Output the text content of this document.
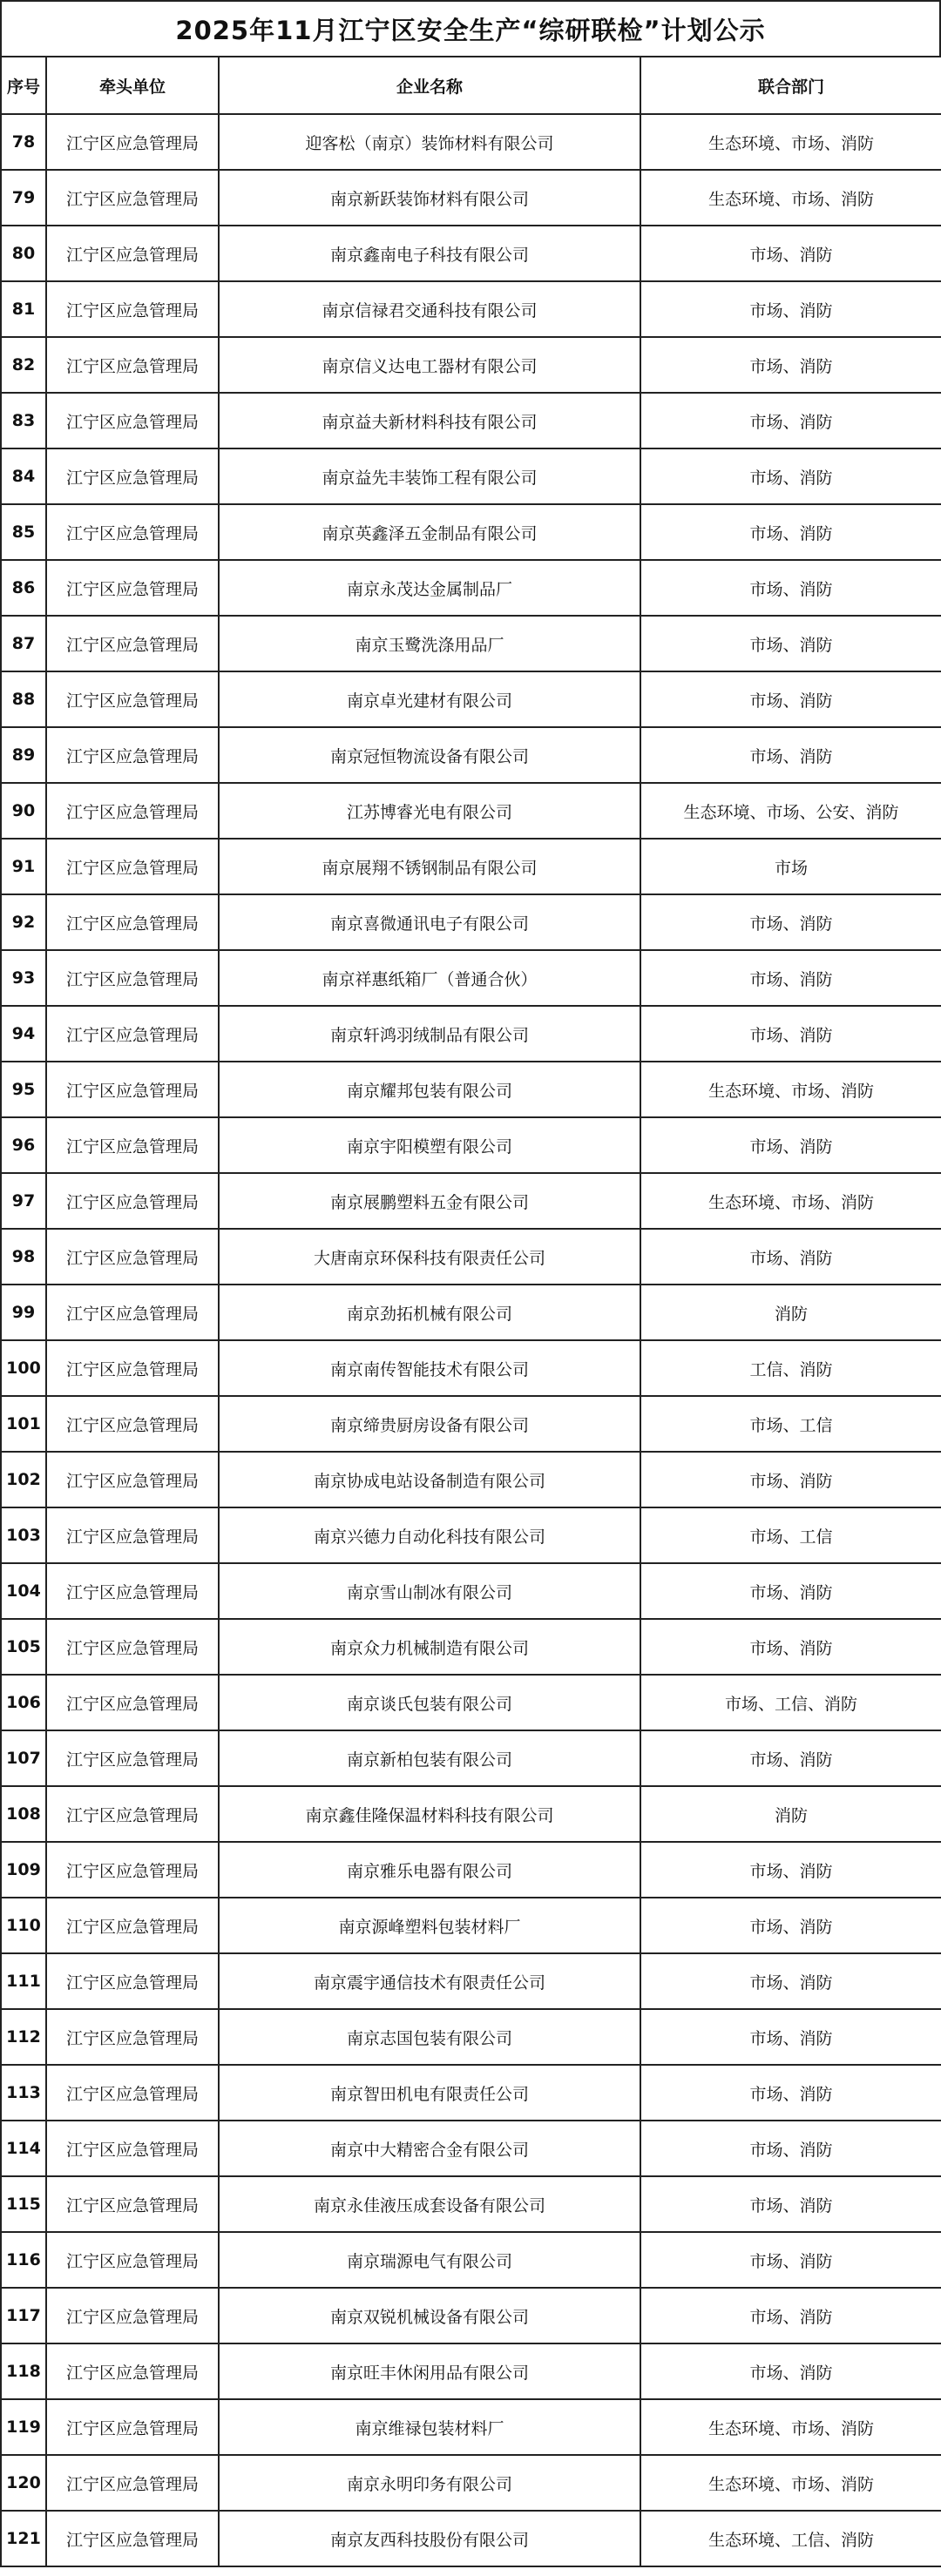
2025年11月江宁区安全生产“综研联检”计划公示
序号	牵头单位	企业名称	联合部门
78	江宁区应急管理局	迎客松（南京）装饰材料有限公司	生态环境、市场、消防
79	江宁区应急管理局	南京新跃装饰材料有限公司	生态环境、市场、消防
80	江宁区应急管理局	南京鑫南电子科技有限公司	市场、消防
81	江宁区应急管理局	南京信禄君交通科技有限公司	市场、消防
82	江宁区应急管理局	南京信义达电工器材有限公司	市场、消防
83	江宁区应急管理局	南京益夫新材料科技有限公司	市场、消防
84	江宁区应急管理局	南京益先丰装饰工程有限公司	市场、消防
85	江宁区应急管理局	南京英鑫泽五金制品有限公司	市场、消防
86	江宁区应急管理局	南京永茂达金属制品厂	市场、消防
87	江宁区应急管理局	南京玉鹭洗涤用品厂	市场、消防
88	江宁区应急管理局	南京卓光建材有限公司	市场、消防
89	江宁区应急管理局	南京冠恒物流设备有限公司	市场、消防
90	江宁区应急管理局	江苏博睿光电有限公司	生态环境、市场、公安、消防
91	江宁区应急管理局	南京展翔不锈钢制品有限公司	市场
92	江宁区应急管理局	南京喜微通讯电子有限公司	市场、消防
93	江宁区应急管理局	南京祥惠纸箱厂（普通合伙）	市场、消防
94	江宁区应急管理局	南京轩鸿羽绒制品有限公司	市场、消防
95	江宁区应急管理局	南京耀邦包装有限公司	生态环境、市场、消防
96	江宁区应急管理局	南京宇阳模塑有限公司	市场、消防
97	江宁区应急管理局	南京展鹏塑料五金有限公司	生态环境、市场、消防
98	江宁区应急管理局	大唐南京环保科技有限责任公司	市场、消防
99	江宁区应急管理局	南京劲拓机械有限公司	消防
100	江宁区应急管理局	南京南传智能技术有限公司	工信、消防
101	江宁区应急管理局	南京缔贵厨房设备有限公司	市场、工信
102	江宁区应急管理局	南京协成电站设备制造有限公司	市场、消防
103	江宁区应急管理局	南京兴德力自动化科技有限公司	市场、工信
104	江宁区应急管理局	南京雪山制冰有限公司	市场、消防
105	江宁区应急管理局	南京众力机械制造有限公司	市场、消防
106	江宁区应急管理局	南京谈氏包装有限公司	市场、工信、消防
107	江宁区应急管理局	南京新柏包装有限公司	市场、消防
108	江宁区应急管理局	南京鑫佳隆保温材料科技有限公司	消防
109	江宁区应急管理局	南京雅乐电器有限公司	市场、消防
110	江宁区应急管理局	南京源峰塑料包装材料厂	市场、消防
111	江宁区应急管理局	南京震宇通信技术有限责任公司	市场、消防
112	江宁区应急管理局	南京志国包装有限公司	市场、消防
113	江宁区应急管理局	南京智田机电有限责任公司	市场、消防
114	江宁区应急管理局	南京中大精密合金有限公司	市场、消防
115	江宁区应急管理局	南京永佳液压成套设备有限公司	市场、消防
116	江宁区应急管理局	南京瑞源电气有限公司	市场、消防
117	江宁区应急管理局	南京双锐机械设备有限公司	市场、消防
118	江宁区应急管理局	南京旺丰休闲用品有限公司	市场、消防
119	江宁区应急管理局	南京维禄包装材料厂	生态环境、市场、消防
120	江宁区应急管理局	南京永明印务有限公司	生态环境、市场、消防
121	江宁区应急管理局	南京友西科技股份有限公司	生态环境、工信、消防
